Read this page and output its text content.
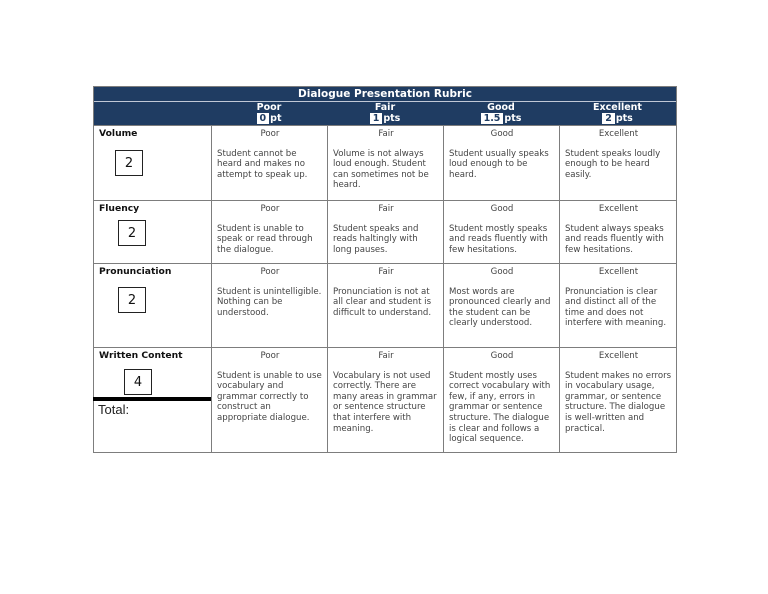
Dialogue Presentation Rubric
Poor
0 pt
Fair
1 pts
Good
1.5 pts
Excellent
2 pts
Volume
2
Poor
Student cannot be heard and makes no attempt to speak up.
Fair
Volume is not always loud enough. Student can sometimes not be heard.
Good
Student usually speaks loud enough to be heard.
Excellent
Student speaks loudly enough to be heard easily.
Fluency
2
Poor
Student is unable to speak or read through the dialogue.
Fair
Student speaks and reads haltingly with long pauses.
Good
Student mostly speaks and reads fluently with few hesitations.
Excellent
Student always speaks and reads fluently with few hesitations.
Pronunciation
2
Poor
Student is unintelligible. Nothing can be understood.
Fair
Pronunciation is not at all clear and student is difficult to understand.
Good
Most words are pronounced clearly and the student can be clearly understood.
Excellent
Pronunciation is clear and distinct all of the time and does not interfere with meaning.
Written Content
4
Poor
Student is unable to use vocabulary and grammar correctly to construct an appropriate dialogue.
Fair
Vocabulary is not used correctly. There are many areas in grammar or sentence structure that interfere with meaning.
Good
Student mostly uses correct vocabulary with few, if any, errors in grammar or sentence structure. The dialogue is clear and follows a logical sequence.
Excellent
Student makes no errors in vocabulary usage, grammar, or sentence structure. The dialogue is well-written and practical.
Total:
